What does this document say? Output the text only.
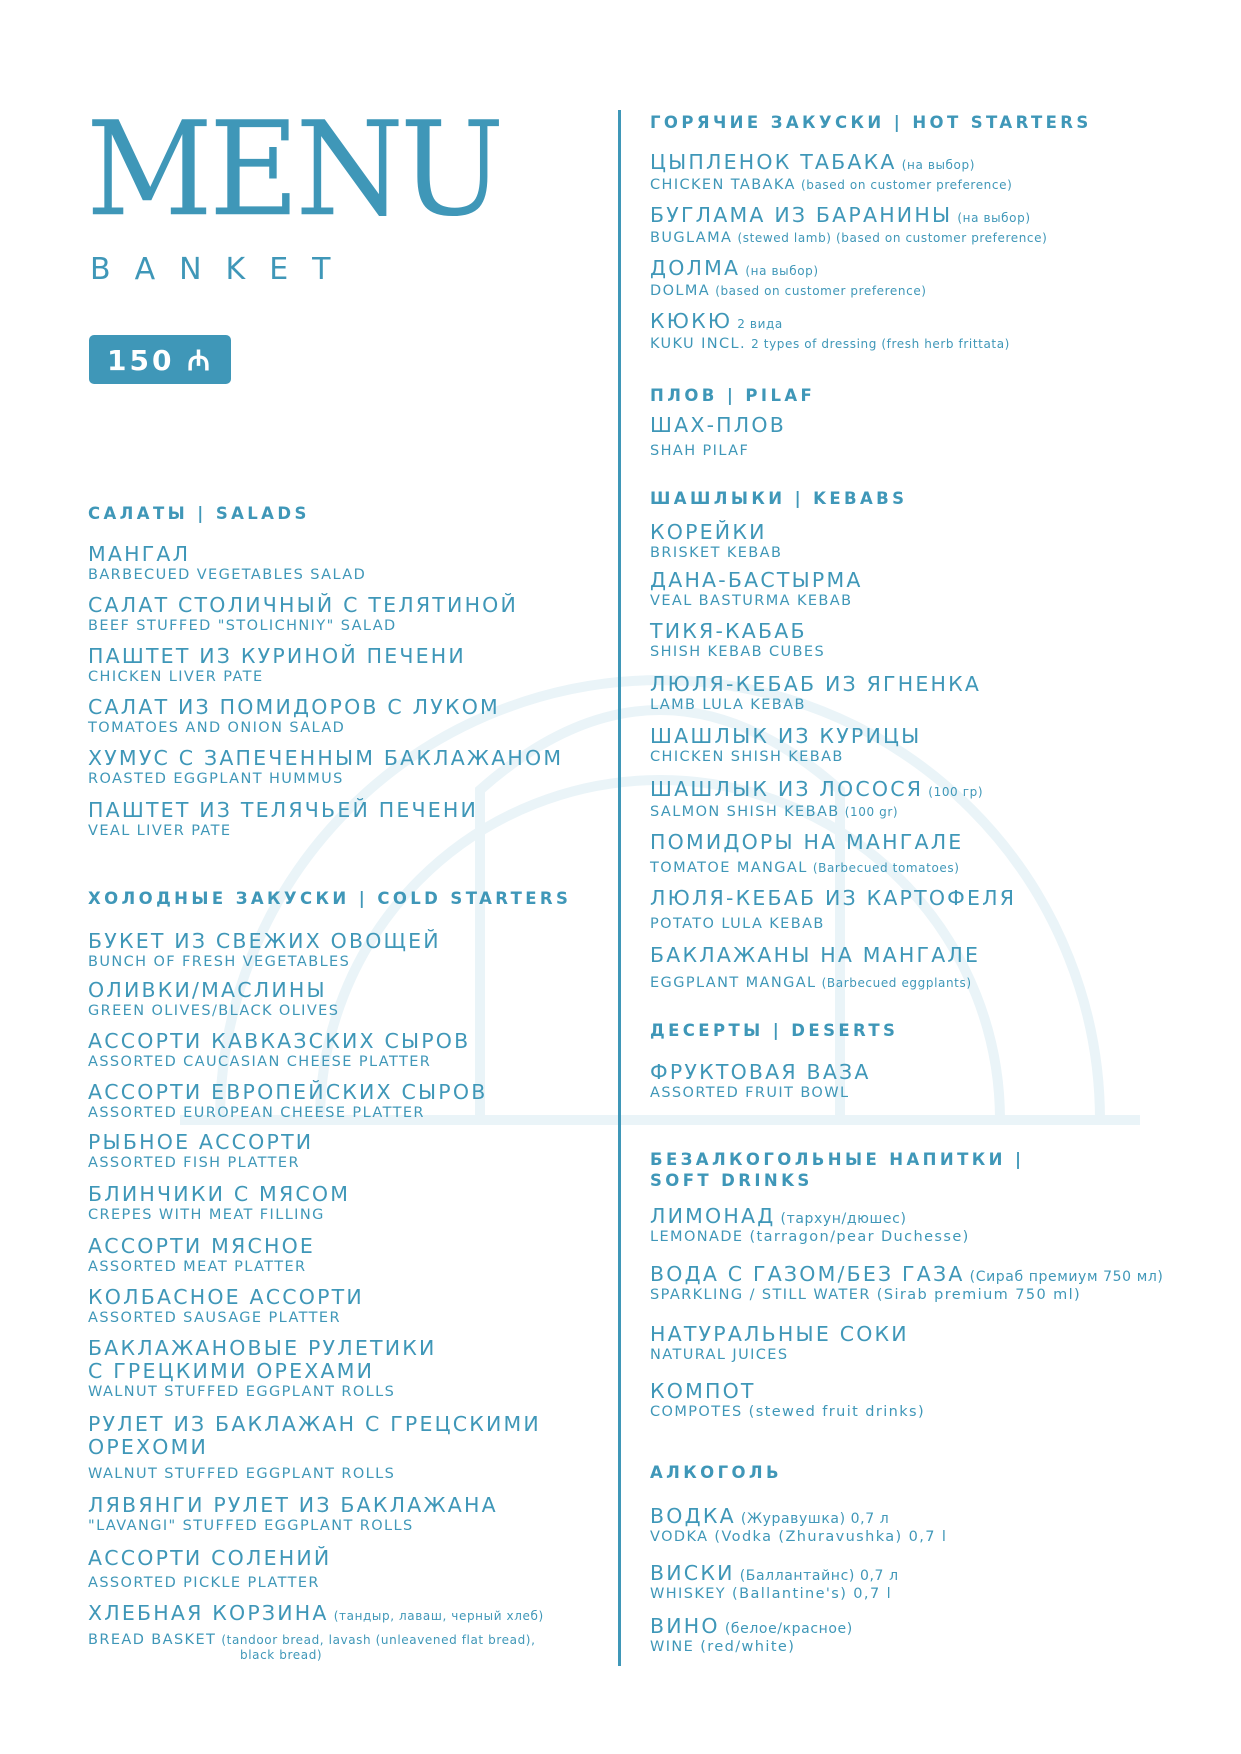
MENU
BANKET
150 ₼
САЛАТЫ | SALADS
МАНГАЛ
BARBECUED VEGETABLES SALAD
САЛАТ СТОЛИЧНЫЙ С ТЕЛЯТИНОЙ
BEEF STUFFED "STOLICHNIY" SALAD
ПАШТЕТ ИЗ КУРИНОЙ ПЕЧЕНИ
CHICKEN LIVER PATE
САЛАТ ИЗ ПОМИДОРОВ С ЛУКОМ
TOMATOES AND ONION SALAD
ХУМУС С ЗАПЕЧЕННЫМ БАКЛАЖАНОМ
ROASTED EGGPLANT HUMMUS
ПАШТЕТ ИЗ ТЕЛЯЧЬЕЙ ПЕЧЕНИ
VEAL LIVER PATE
ХОЛОДНЫЕ ЗАКУСКИ | COLD STARTERS
БУКЕТ ИЗ СВЕЖИХ ОВОЩЕЙ
BUNCH OF FRESH VEGETABLES
ОЛИВКИ/МАСЛИНЫ
GREEN OLIVES/BLACK OLIVES
АССОРТИ КАВКАЗСКИХ СЫРОВ
ASSORTED CAUCASIAN CHEESE PLATTER
АССОРТИ ЕВРОПЕЙСКИХ СЫРОВ
ASSORTED EUROPEAN CHEESE PLATTER
РЫБНОЕ АССОРТИ
ASSORTED FISH PLATTER
БЛИНЧИКИ С МЯСОМ
CREPES WITH MEAT FILLING
АССОРТИ МЯСНОЕ
ASSORTED MEAT PLATTER
КОЛБАСНОЕ АССОРТИ
ASSORTED SAUSAGE PLATTER
БАКЛАЖАНОВЫЕ РУЛЕТИКИ
С ГРЕЦКИМИ ОРЕХАМИ
WALNUT STUFFED EGGPLANT ROLLS
РУЛЕТ ИЗ БАКЛАЖАН С ГРЕЦСКИМИ
ОРЕХОМИ
WALNUT STUFFED EGGPLANT ROLLS
ЛЯВЯНГИ РУЛЕТ ИЗ БАКЛАЖАНА
"LAVANGI" STUFFED EGGPLANT ROLLS
АССОРТИ СОЛЕНИЙ
ASSORTED PICKLE PLATTER
ХЛЕБНАЯ КОРЗИНА (тандыр, лаваш, черный хлеб)
BREAD BASKET (tandoor bread, lavash (unleavened flat bread),
black bread)
ГОРЯЧИЕ ЗАКУСКИ | HOT STARTERS
ЦЫПЛЕНОК ТАБАКА (на выбор)
CHICKEN TABAKA (based on customer preference)
БУГЛАМА ИЗ БАРАНИНЫ (на выбор)
BUGLAMA (stewed lamb) (based on customer preference)
ДОЛМА (на выбор)
DOLMA (based on customer preference)
КЮКЮ 2 вида
KUKU INCL. 2 types of dressing (fresh herb frittata)
ПЛОВ | PILAF
ШАХ-ПЛОВ
SHAH PILAF
ШАШЛЫКИ | KEBABS
КОРЕЙКИ
BRISKET KEBAB
ДАНА-БАСТЫРМА
VEAL BASTURMA KEBAB
ТИКЯ-КАБАБ
SHISH KEBAB CUBES
ЛЮЛЯ-КЕБАБ ИЗ ЯГНЕНКА
LAMB LULA KEBAB
ШАШЛЫК ИЗ КУРИЦЫ
CHICKEN SHISH KEBAB
ШАШЛЫК ИЗ ЛОСОСЯ (100 гр)
SALMON SHISH KEBAB (100 gr)
ПОМИДОРЫ НА МАНГАЛЕ
TOMATOE MANGAL (Barbecued tomatoes)
ЛЮЛЯ-КЕБАБ ИЗ КАРТОФЕЛЯ
POTATO LULA KEBAB
БАКЛАЖАНЫ НА МАНГАЛЕ
EGGPLANT MANGAL (Barbecued eggplants)
ДЕСЕРТЫ | DESERTS
ФРУКТОВАЯ ВАЗА
ASSORTED FRUIT BOWL
БЕЗАЛКОГОЛЬНЫЕ НАПИТКИ |
SOFT DRINKS
ЛИМОНАД (тархун/дюшес)
LEMONADE (tarragon/pear Duchesse)
ВОДА С ГАЗОМ/БЕЗ ГАЗА (Сираб премиум 750 мл)
SPARKLING / STILL WATER (Sirab premium 750 ml)
НАТУРАЛЬНЫЕ СОКИ
NATURAL JUICES
КОМПОТ
COMPOTES (stewed fruit drinks)
АЛКОГОЛЬ
ВОДКА (Журавушка) 0,7 л
VODKA (Vodka (Zhuravushka) 0,7 l
ВИСКИ (Баллантайнс) 0,7 л
WHISKEY (Ballantine's) 0,7 l
ВИНО (белое/красное)
WINE (red/white)
